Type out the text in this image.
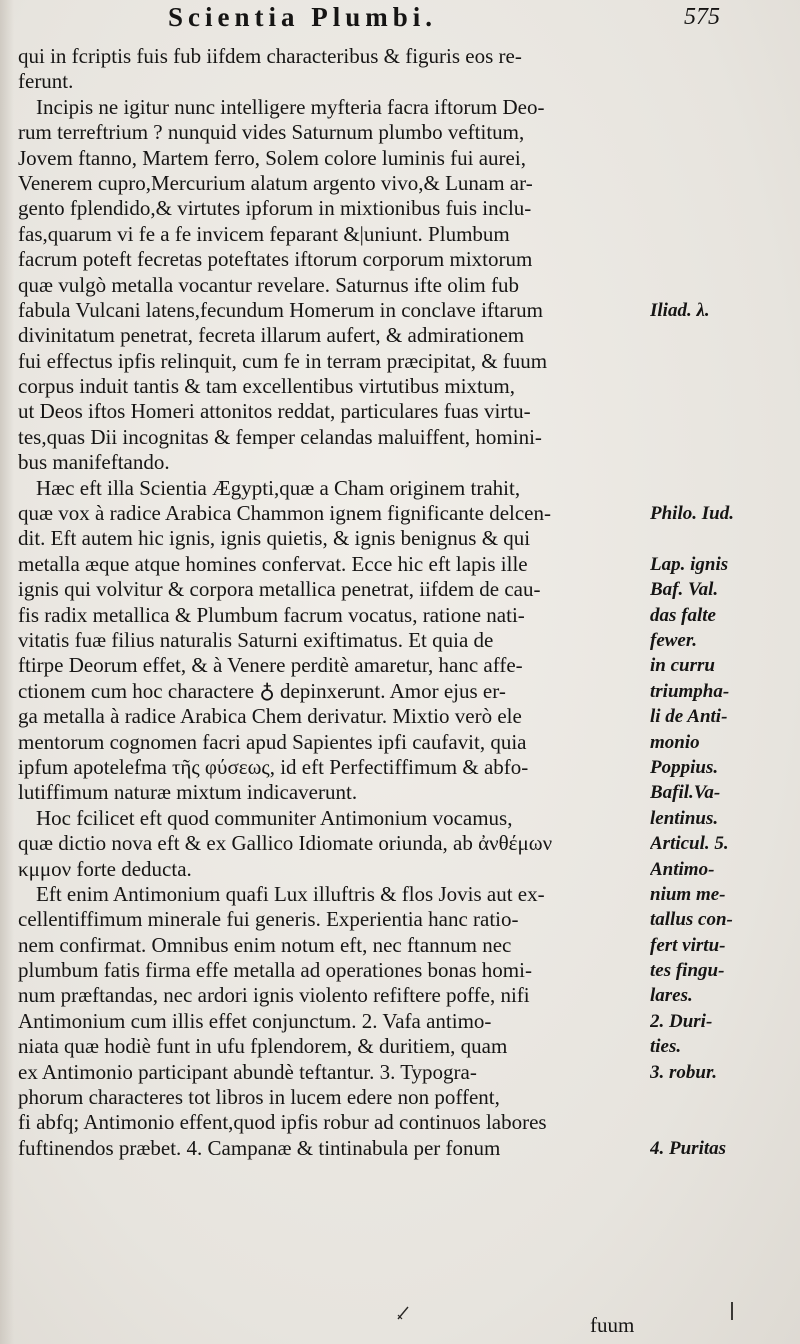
Scientia Plumbi.	575
qui in fcriptis fuis fub iifdem characteribus & figuris eos re-
ferunt.
Incipis ne igitur nunc intelligere myfteria facra iftorum Deo-
rum terreftrium ? nunquid vides Saturnum plumbo veftitum,
Jovem ftanno, Martem ferro, Solem colore luminis fui aurei,
Venerem cupro,Mercurium alatum argento vivo,& Lunam ar-
gento fplendido,& virtutes ipforum in mixtionibus fuis inclu-
fas,quarum vi fe a fe invicem feparant &|uniunt. Plumbum
facrum poteft fecretas poteftates iftorum corporum mixtorum
quæ vulgò metalla vocantur revelare. Saturnus ifte olim fub
fabula Vulcani latens,fecundum Homerum in conclave iftarum
divinitatum penetrat, fecreta illarum aufert, & admirationem
fui effectus ipfis relinquit, cum fe in terram præcipitat, & fuum
corpus induit tantis & tam excellentibus virtutibus mixtum,
ut Deos iftos Homeri attonitos reddat, particulares fuas virtu-
tes,quas Dii incognitas & femper celandas maluiffent, homini-
bus manifeftando.
Hæc eft illa Scientia Ægypti,quæ a Cham originem trahit,
quæ vox à radice Arabica Chammon ignem fignificante delcen-
dit. Eft autem hic ignis, ignis quietis, & ignis benignus & qui
metalla æque atque homines confervat. Ecce hic eft lapis ille
ignis qui volvitur & corpora metallica penetrat, iifdem de cau-
fis radix metallica & Plumbum facrum vocatus, ratione nati-
vitatis fuæ filius naturalis Saturni exiftimatus. Et quia de
ftirpe Deorum effet, & à Venere perditè amaretur, hanc affe-
ctionem cum hoc charactere ♁ depinxerunt. Amor ejus er-
ga metalla à radice Arabica Chem derivatur. Mixtio verò ele
mentorum cognomen facri apud Sapientes ipfi caufavit, quia
ipfum apotelefma τῆς φύσεως, id eft Perfectiffimum & abfo-
lutiffimum naturæ mixtum indicaverunt.
Hoc fcilicet eft quod communiter Antimonium vocamus,
quæ dictio nova eft & ex Gallico Idiomate oriunda, ab ἀνθέμων
κμμον forte deducta.
Eft enim Antimonium quafi Lux illuftris & flos Jovis aut ex-
cellentiffimum minerale fui generis. Experientia hanc ratio-
nem confirmat. Omnibus enim notum eft, nec ftannum nec
plumbum fatis firma effe metalla ad operationes bonas homi-
num præftandas, nec ardori ignis violento refiftere poffe, nifi
Antimonium cum illis effet conjunctum. 2. Vafa antimo-
niata quæ hodiè funt in ufu fplendorem, & duritiem, quam
ex Antimonio participant abundè teftantur. 3. Typogra-
phorum characteres tot libros in lucem edere non poffent,
fi abfq; Antimonio effent,quod ipfis robur ad continuos labores
fuftinendos præbet. 4. Campanæ & tintinabula per fonum
Iliad. λ.
Philo. Iud.
Lap. ignis
Baf. Val.
das falte
fewer.
in curru
triumpha-
li de Anti-
monio
Poppius.
Bafil.Va-
lentinus.
Articul. 5.
Antimo-
nium me-
tallus con-
fert virtu-
tes fingu-
lares.
2. Duri-
ties.
3. robur.
4. Puritas
fuum
